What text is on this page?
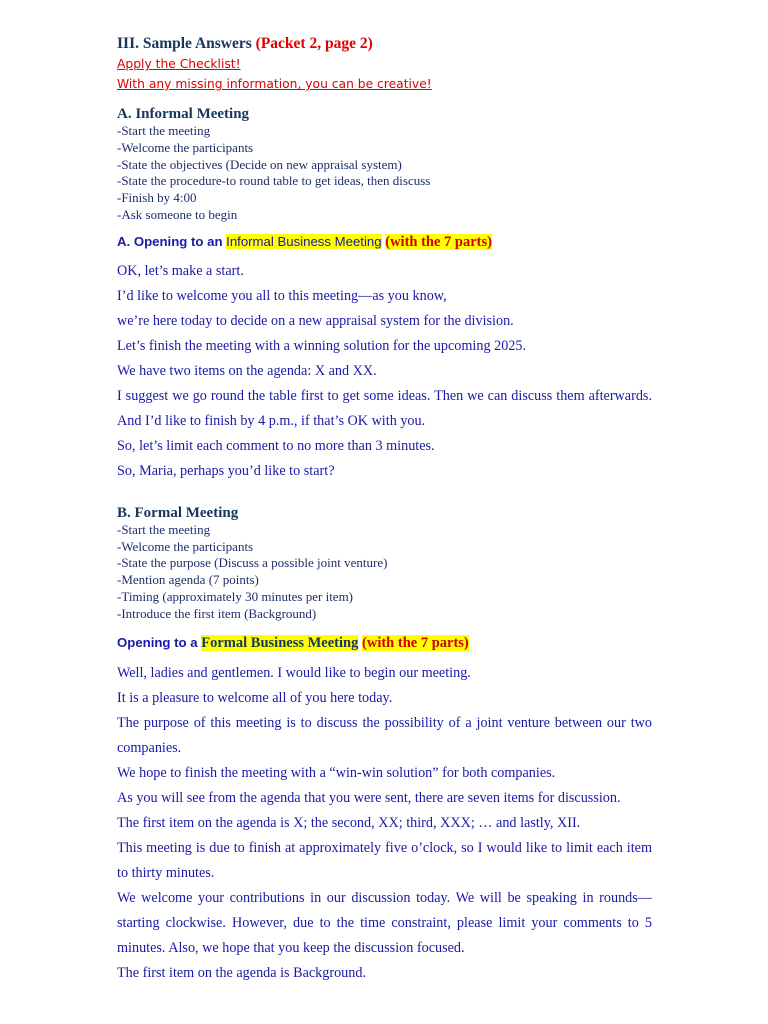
III. Sample Answers (Packet 2, page 2)

Apply the Checklist!

With any missing information, you can be creative!

A. Informal Meeting
-Start the meeting
-Welcome the participants
-State the objectives (Decide on new appraisal system)
-State the procedure-to round table to get ideas, then discuss
-Finish by 4:00
-Ask someone to begin

A. Opening to an Informal Business Meeting (with the 7 parts)

OK, let’s make a start.

I’d like to welcome you all to this meeting—as you know,

we’re here today to decide on a new appraisal system for the division.

Let’s finish the meeting with a winning solution for the upcoming 2025.

We have two items on the agenda: X and XX.

I suggest we go round the table first to get some ideas. Then we can discuss them afterwards. And I’d like to finish by 4 p.m., if that’s OK with you.

So, let’s limit each comment to no more than 3 minutes.

So, Maria, perhaps you’d like to start?

B. Formal Meeting
-Start the meeting
-Welcome the participants
-State the purpose (Discuss a possible joint venture)
-Mention agenda (7 points)
-Timing (approximately 30 minutes per item)
-Introduce the first item (Background)

Opening to a Formal Business Meeting (with the 7 parts)

Well, ladies and gentlemen. I would like to begin our meeting.

It is a pleasure to welcome all of you here today.

The purpose of this meeting is to discuss the possibility of a joint venture between our two companies.

We hope to finish the meeting with a “win-win solution” for both companies.

As you will see from the agenda that you were sent, there are seven items for discussion.

The first item on the agenda is X; the second, XX; third, XXX; … and lastly, XII.

This meeting is due to finish at approximately five o’clock, so I would like to limit each item to thirty minutes.

We welcome your contributions in our discussion today. We will be speaking in rounds—starting clockwise. However, due to the time constraint, please limit your comments to 5 minutes. Also, we hope that you keep the discussion focused.

The first item on the agenda is Background.
